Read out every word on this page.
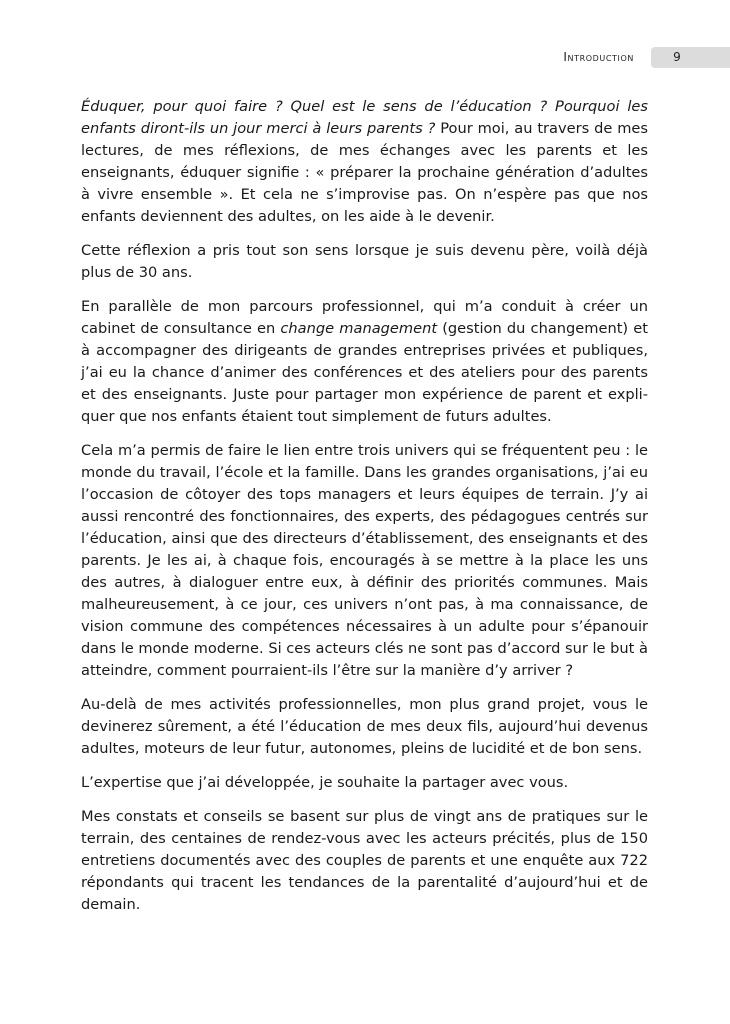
Introduction	9

Éduquer, pour quoi faire ? Quel est le sens de l’éducation ? Pourquoi les enfants diront-ils un jour merci à leurs parents ? Pour moi, au travers de mes lectures, de mes réflexions, de mes échanges avec les parents et les enseignants, éduquer signifie : « préparer la prochaine génération d’adultes à vivre ensemble ». Et cela ne s’improvise pas. On n’espère pas que nos enfants deviennent des adultes, on les aide à le devenir.

Cette réflexion a pris tout son sens lorsque je suis devenu père, voilà déjà plus de 30 ans.

En parallèle de mon parcours professionnel, qui m’a conduit à créer un cabinet de consultance en change management (gestion du changement) et à accompagner des dirigeants de grandes entreprises privées et publiques, j’ai eu la chance d’animer des conférences et des ateliers pour des parents et des enseignants. Juste pour partager mon expérience de parent et expliquer que nos enfants étaient tout simplement de futurs adultes.

Cela m’a permis de faire le lien entre trois univers qui se fréquentent peu : le monde du travail, l’école et la famille. Dans les grandes organisations, j’ai eu l’occasion de côtoyer des tops managers et leurs équipes de terrain. J’y ai aussi rencontré des fonctionnaires, des experts, des pédagogues centrés sur l’éducation, ainsi que des directeurs d’établissement, des enseignants et des parents. Je les ai, à chaque fois, encouragés à se mettre à la place les uns des autres, à dialoguer entre eux, à définir des priorités communes. Mais malheureusement, à ce jour, ces univers n’ont pas, à ma connaissance, de vision commune des compétences nécessaires à un adulte pour s’épanouir dans le monde moderne. Si ces acteurs clés ne sont pas d’accord sur le but à atteindre, comment pourraient-ils l’être sur la manière d’y arriver ?

Au-delà de mes activités professionnelles, mon plus grand projet, vous le devinerez sûrement, a été l’éducation de mes deux fils, aujourd’hui devenus adultes, moteurs de leur futur, autonomes, pleins de lucidité et de bon sens.

L’expertise que j’ai développée, je souhaite la partager avec vous.

Mes constats et conseils se basent sur plus de vingt ans de pratiques sur le terrain, des centaines de rendez-vous avec les acteurs précités, plus de 150 entretiens documentés avec des couples de parents et une enquête aux 722 répondants qui tracent les tendances de la parentalité d’aujourd’hui et de demain.
